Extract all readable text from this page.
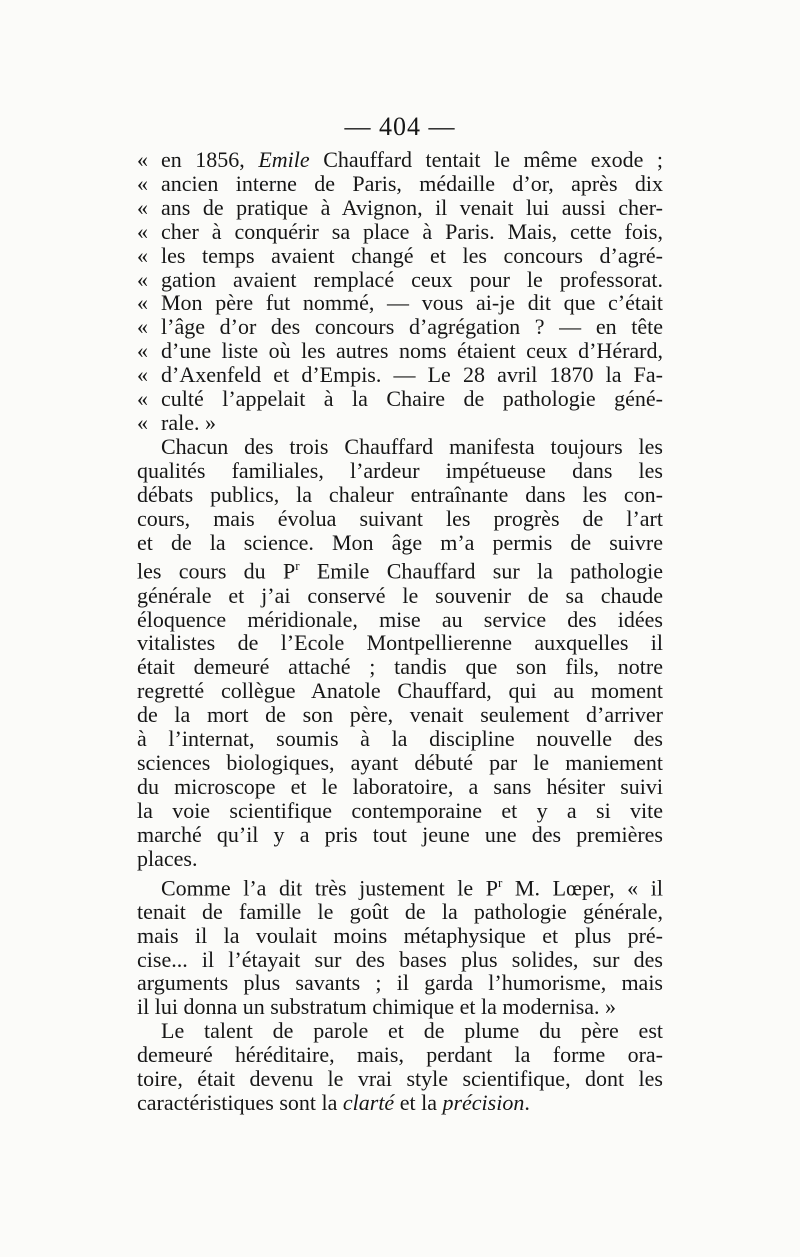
— 404 —
« en 1856, Emile Chauffard tentait le même exode ;
« ancien interne de Paris, médaille d’or, après dix
« ans de pratique à Avignon, il venait lui aussi cher-
« cher à conquérir sa place à Paris. Mais, cette fois,
« les temps avaient changé et les concours d’agré-
« gation avaient remplacé ceux pour le professorat.
« Mon père fut nommé, — vous ai-je dit que c’était
« l’âge d’or des concours d’agrégation ? — en tête
« d’une liste où les autres noms étaient ceux d’Hérard,
« d’Axenfeld et d’Empis. — Le 28 avril 1870 la Fa-
« culté l’appelait à la Chaire de pathologie géné-
« rale. »
Chacun des trois Chauffard manifesta toujours les
qualités familiales, l’ardeur impétueuse dans les
débats publics, la chaleur entraînante dans les con-
cours, mais évolua suivant les progrès de l’art
et de la science. Mon âge m’a permis de suivre
les cours du $P^r$ Emile Chauffard sur la pathologie
générale et j’ai conservé le souvenir de sa chaude
éloquence méridionale, mise au service des idées
vitalistes de l’Ecole Montpellierenne auxquelles il
était demeuré attaché ; tandis que son fils, notre
regretté collègue Anatole Chauffard, qui au moment
de la mort de son père, venait seulement d’arriver
à l’internat, soumis à la discipline nouvelle des
sciences biologiques, ayant débuté par le maniement
du microscope et le laboratoire, a sans hésiter suivi
la voie scientifique contemporaine et y a si vite
marché qu’il y a pris tout jeune une des premières
places.
Comme l’a dit très justement le $P^r$ M. Lœper, « il
tenait de famille le goût de la pathologie générale,
mais il la voulait moins métaphysique et plus pré-
cise... il l’étayait sur des bases plus solides, sur des
arguments plus savants ; il garda l’humorisme, mais
il lui donna un substratum chimique et la modernisa. »
Le talent de parole et de plume du père est
demeuré héréditaire, mais, perdant la forme ora-
toire, était devenu le vrai style scientifique, dont les
caractéristiques sont la clarté et la précision.
